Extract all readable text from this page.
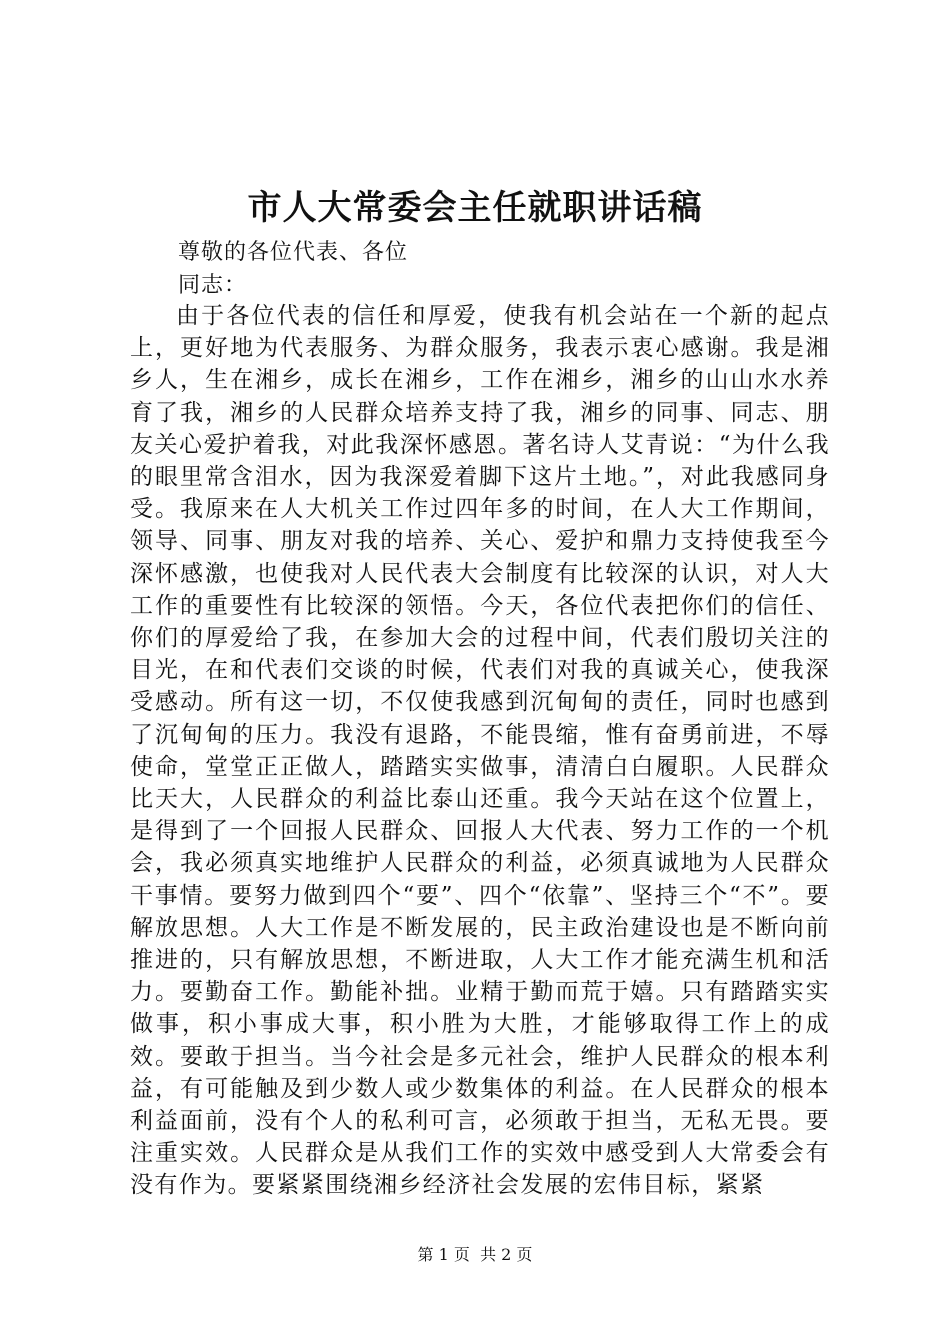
市人大常委会主任就职讲话稿
尊敬的各位代表、各位
同志：
由于各位代表的信任和厚爱，使我有机会站在一个新的起点上，更好地为代表服务、为群众服务，我表示衷心感谢。我是湘乡人，生在湘乡，成长在湘乡，工作在湘乡，湘乡的山山水水养育了我，湘乡的人民群众培养支持了我，湘乡的同事、同志、朋友关心爱护着我，对此我深怀感恩。著名诗人艾青说：“为什么我的眼里常含泪水，因为我深爱着脚下这片土地。”，对此我感同身受。我原来在人大机关工作过四年多的时间，在人大工作期间，领导、同事、朋友对我的培养、关心、爱护和鼎力支持使我至今深怀感激，也使我对人民代表大会制度有比较深的认识，对人大工作的重要性有比较深的领悟。今天，各位代表把你们的信任、你们的厚爱给了我，在参加大会的过程中间，代表们殷切关注的目光，在和代表们交谈的时候，代表们对我的真诚关心，使我深受感动。所有这一切，不仅使我感到沉甸甸的责任，同时也感到了沉甸甸的压力。我没有退路，不能畏缩，惟有奋勇前进，不辱使命，堂堂正正做人，踏踏实实做事，清清白白履职。人民群众比天大，人民群众的利益比泰山还重。我今天站在这个位置上，是得到了一个回报人民群众、回报人大代表、努力工作的一个机会，我必须真实地维护人民群众的利益，必须真诚地为人民群众干事情。要努力做到四个“要”、四个“依靠”、坚持三个“不”。要解放思想。人大工作是不断发展的，民主政治建设也是不断向前推进的，只有解放思想，不断进取，人大工作才能充满生机和活力。要勤奋工作。勤能补拙。业精于勤而荒于嬉。只有踏踏实实做事，积小事成大事，积小胜为大胜，才能够取得工作上的成效。要敢于担当。当今社会是多元社会，维护人民群众的根本利益，有可能触及到少数人或少数集体的利益。在人民群众的根本利益面前，没有个人的私利可言，必须敢于担当，无私无畏。要注重实效。人民群众是从我们工作的实效中感受到人大常委会有没有作为。要紧紧围绕湘乡经济社会发展的宏伟目标，紧紧
第 1 页  共 2 页
